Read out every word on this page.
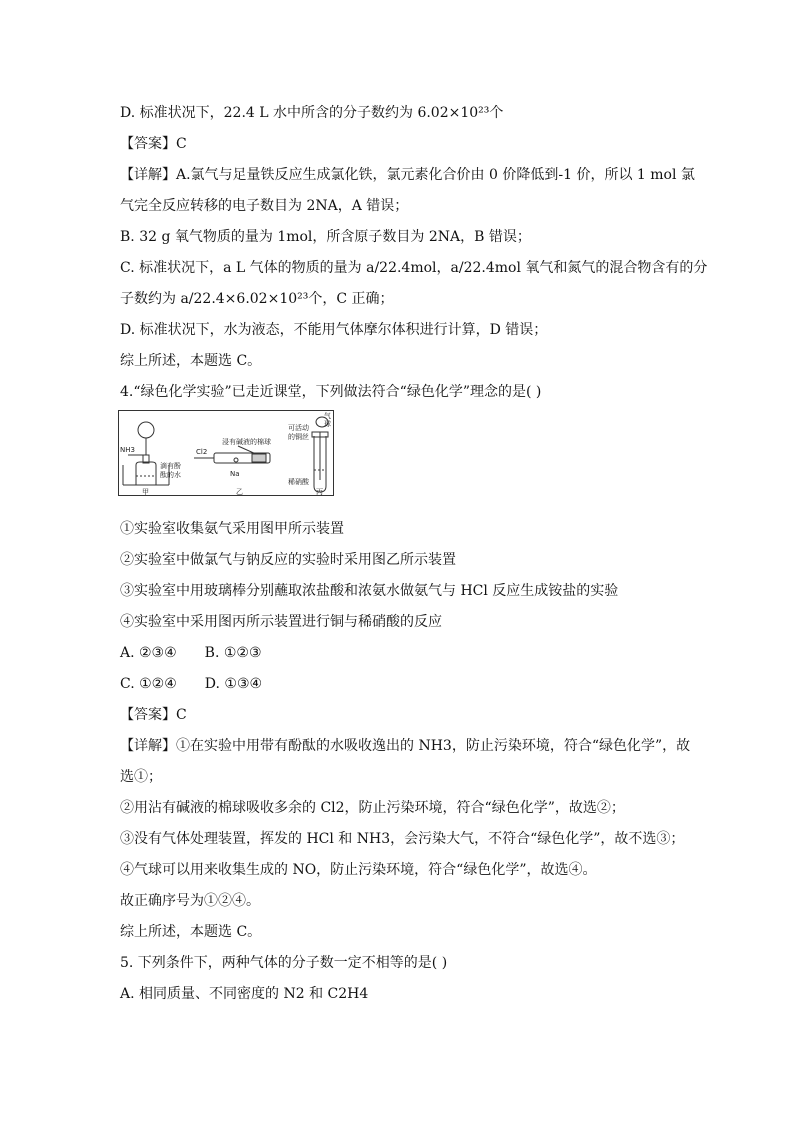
D. 标准状况下，22.4 L 水中所含的分子数约为 6.02×10²³个
【答案】C
【详解】A.氯气与足量铁反应生成氯化铁，氯元素化合价由 0 价降低到-1 价，所以 1 mol 氯
气完全反应转移的电子数目为 2NA，A 错误；
B. 32 g 氧气物质的量为 1mol，所含原子数目为 2NA，B 错误；
C. 标准状况下，a L 气体的物质的量为 a/22.4mol，a/22.4mol 氧气和氮气的混合物含有的分
子数约为 a/22.4×6.02×10²³个，C 正确；
D. 标准状况下，水为液态，不能用气体摩尔体积进行计算，D 错误；
综上所述，本题选 C。
4.“绿色化学实验”已走近课堂，下列做法符合“绿色化学”理念的是( )
NH3
滴有酚
酞的水
Cl2
浸有碱液的棉球
Na
气
球
可活动
的铜丝
稀硝酸
甲	乙	丙
①实验室收集氨气采用图甲所示装置
②实验室中做氯气与钠反应的实验时采用图乙所示装置
③实验室中用玻璃棒分别蘸取浓盐酸和浓氨水做氨气与 HCl 反应生成铵盐的实验
④实验室中采用图丙所示装置进行铜与稀硝酸的反应
A. ②③④ B. ①②③
C. ①②④ D. ①③④
【答案】C
【详解】①在实验中用带有酚酞的水吸收逸出的 NH3，防止污染环境，符合“绿色化学”，故
选①；
②用沾有碱液的棉球吸收多余的 Cl2，防止污染环境，符合“绿色化学”，故选②；
③没有气体处理装置，挥发的 HCl 和 NH3，会污染大气，不符合“绿色化学”，故不选③；
④气球可以用来收集生成的 NO，防止污染环境，符合“绿色化学”，故选④。
故正确序号为①②④。
综上所述，本题选 C。
5. 下列条件下，两种气体的分子数一定不相等的是( )
A. 相同质量、不同密度的 N2 和 C2H4
